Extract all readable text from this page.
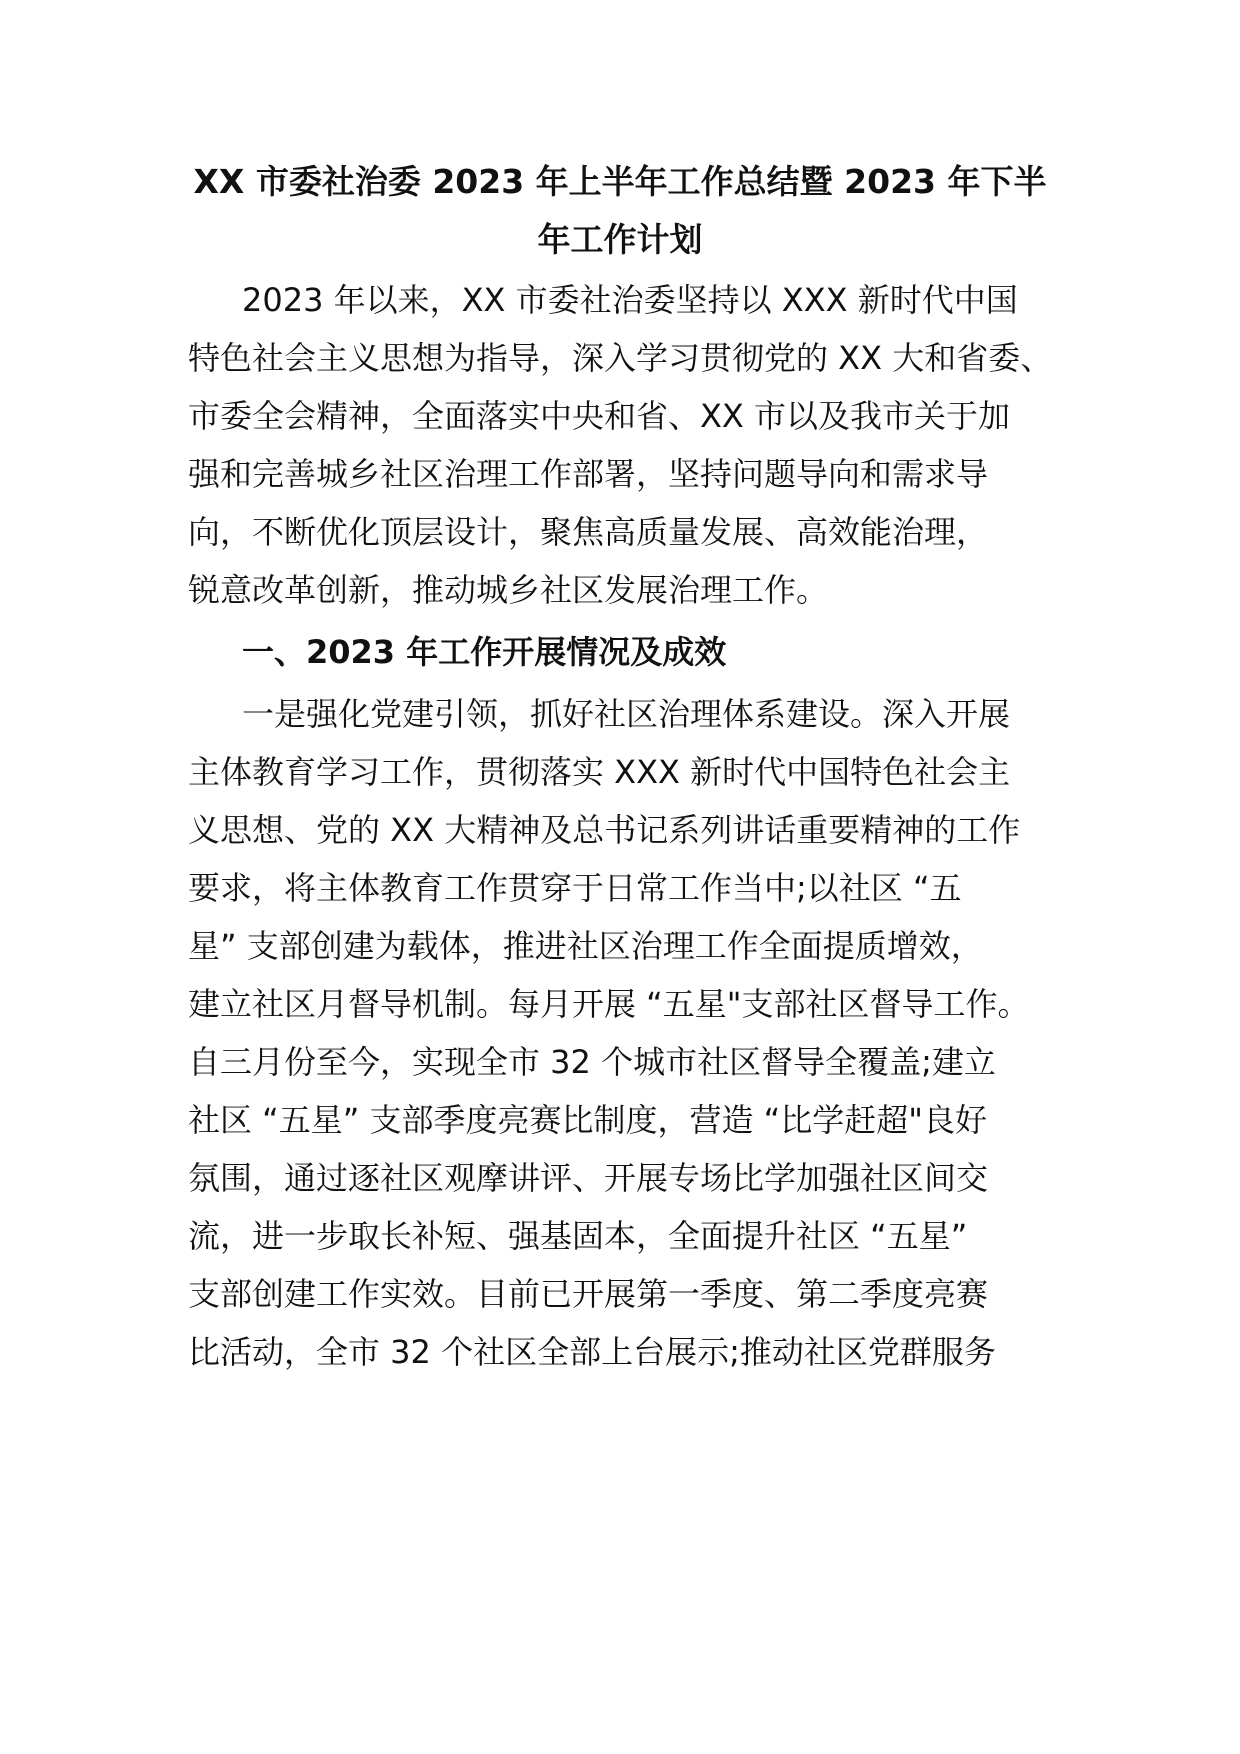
XX 市委社治委 2023 年上半年工作总结暨 2023 年下半
年工作计划
2023 年以来，XX 市委社治委坚持以 XXX 新时代中国
特色社会主义思想为指导，深入学习贯彻党的 XX 大和省委、
市委全会精神，全面落实中央和省、XX 市以及我市关于加
强和完善城乡社区治理工作部署，坚持问题导向和需求导
向，不断优化顶层设计，聚焦高质量发展、高效能治理，
锐意改革创新，推动城乡社区发展治理工作。
一、2023 年工作开展情况及成效
一是强化党建引领，抓好社区治理体系建设。深入开展
主体教育学习工作，贯彻落实 XXX 新时代中国特色社会主
义思想、党的 XX 大精神及总书记系列讲话重要精神的工作
要求，将主体教育工作贯穿于日常工作当中;以社区 “五
星” 支部创建为载体，推进社区治理工作全面提质增效，
建立社区月督导机制。每月开展 “五星"支部社区督导工作。
自三月份至今，实现全市 32 个城市社区督导全覆盖;建立
社区 “五星” 支部季度亮赛比制度，营造 “比学赶超"良好
氛围，通过逐社区观摩讲评、开展专场比学加强社区间交
流，进一步取长补短、强基固本，全面提升社区 “五星”
支部创建工作实效。目前已开展第一季度、第二季度亮赛
比活动，全市 32 个社区全部上台展示;推动社区党群服务
